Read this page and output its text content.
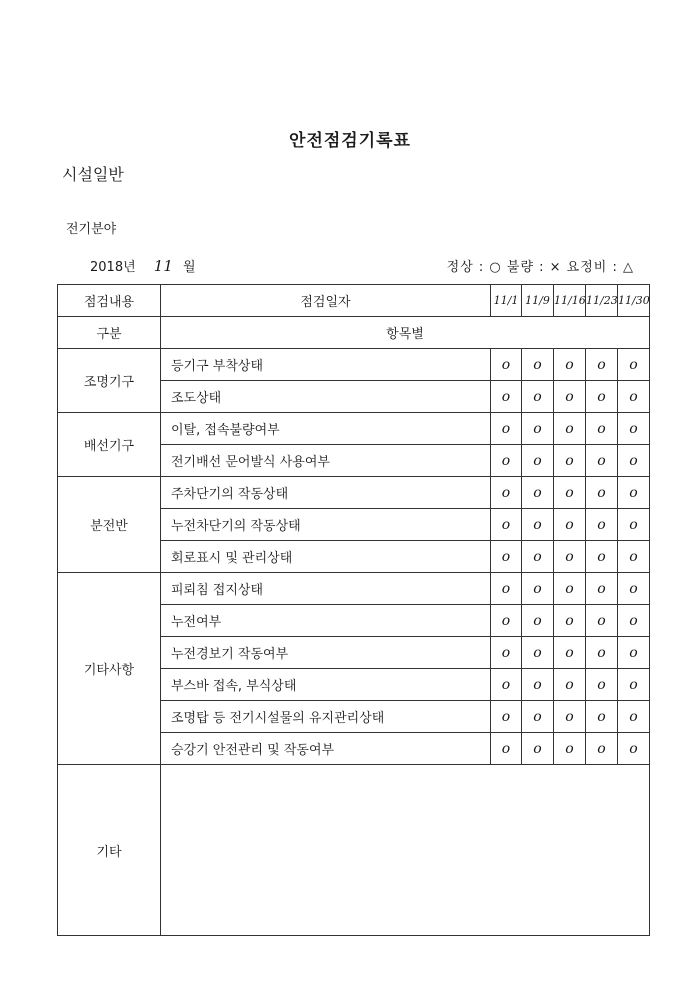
안전점검기록표
시설일반
전기분야
2018년 11 월	정상 : ○ 불량 : × 요정비 : △
점검내용	점검일자	11/1	11/9	11/16	11/23	11/30
구분	항목별					
조명기구	등기구 부착상태	o	o	o	o	o
	조도상태	o	o	o	o	o
배선기구	이탈, 접속불량여부	o	o	o	o	o
	전기배선 문어발식 사용여부	o	o	o	o	o
분전반	주차단기의 작동상태	o	o	o	o	o
	누전차단기의 작동상태	o	o	o	o	o
	회로표시 및 관리상태	o	o	o	o	o
기타사항	피뢰침 접지상태	o	o	o	o	o
	누전여부	o	o	o	o	o
	누전경보기 작동여부	o	o	o	o	o
	부스바 접속, 부식상태	o	o	o	o	o
	조명탑 등 전기시설물의 유지관리상태	o	o	o	o	o
	승강기 안전관리 및 작동여부	o	o	o	o	o
기타						
